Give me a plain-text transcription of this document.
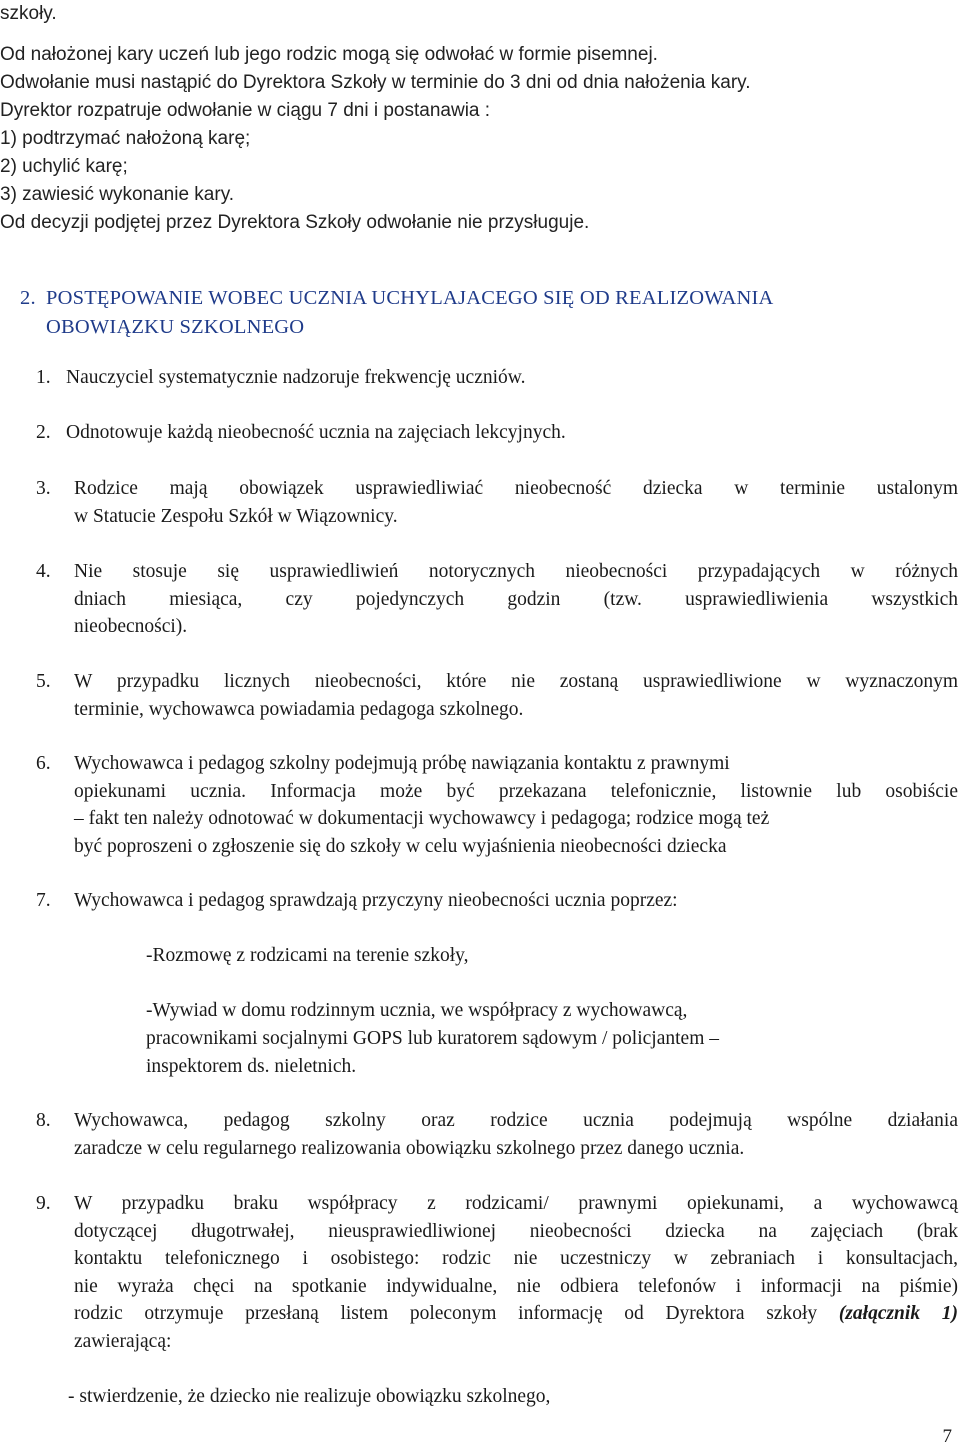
szkoły.
Od nałożonej kary uczeń lub jego rodzic mogą się odwołać w formie pisemnej.
Odwołanie musi nastąpić do Dyrektora Szkoły w terminie do 3 dni od dnia nałożenia kary.
Dyrektor rozpatruje odwołanie w ciągu 7 dni i postanawia :
1) podtrzymać nałożoną karę;
2) uchylić karę;
3) zawiesić wykonanie kary.
Od decyzji podjętej przez Dyrektora Szkoły odwołanie nie przysługuje.
2. POSTĘPOWANIE WOBEC UCZNIA UCHYLAJACEGO SIĘ OD REALIZOWANIA
OBOWIĄZKU SZKOLNEGO
1. Nauczyciel systematycznie nadzoruje frekwencję uczniów.
2. Odnotowuje każdą nieobecność ucznia na zajęciach lekcyjnych.
3. Rodzice mają obowiązek usprawiedliwiać nieobecność dziecka w terminie ustalonym
w Statucie Zespołu Szkół w Wiązownicy.
4. Nie stosuje się usprawiedliwień notorycznych nieobecności przypadających w różnych
dniach miesiąca, czy pojedynczych godzin (tzw. usprawiedliwienia wszystkich
nieobecności).
5. W przypadku licznych nieobecności, które nie zostaną usprawiedliwione w wyznaczonym
terminie, wychowawca powiadamia pedagoga szkolnego.
6. Wychowawca i pedagog szkolny podejmują próbę nawiązania kontaktu z prawnymi
opiekunami ucznia. Informacja może być przekazana telefonicznie, listownie lub osobiście
– fakt ten należy odnotować w dokumentacji wychowawcy i pedagoga; rodzice mogą też
być poproszeni o zgłoszenie się do szkoły w celu wyjaśnienia nieobecności dziecka
7. Wychowawca i pedagog sprawdzają przyczyny nieobecności ucznia poprzez:
-Rozmowę z rodzicami na terenie szkoły,
-Wywiad w domu rodzinnym ucznia, we współpracy z wychowawcą,
pracownikami socjalnymi GOPS lub kuratorem sądowym / policjantem –
inspektorem ds. nieletnich.
8. Wychowawca, pedagog szkolny oraz rodzice ucznia podejmują wspólne działania
zaradcze w celu regularnego realizowania obowiązku szkolnego przez danego ucznia.
9. W przypadku braku współpracy z rodzicami/ prawnymi opiekunami, a wychowawcą
dotyczącej długotrwałej, nieusprawiedliwionej nieobecności dziecka na zajęciach (brak
kontaktu telefonicznego i osobistego: rodzic nie uczestniczy w zebraniach i konsultacjach,
nie wyraża chęci na spotkanie indywidualne, nie odbiera telefonów i informacji na piśmie)
rodzic otrzymuje przesłaną listem poleconym informację od Dyrektora szkoły (załącznik 1)
zawierającą:
- stwierdzenie, że dziecko nie realizuje obowiązku szkolnego,
7
